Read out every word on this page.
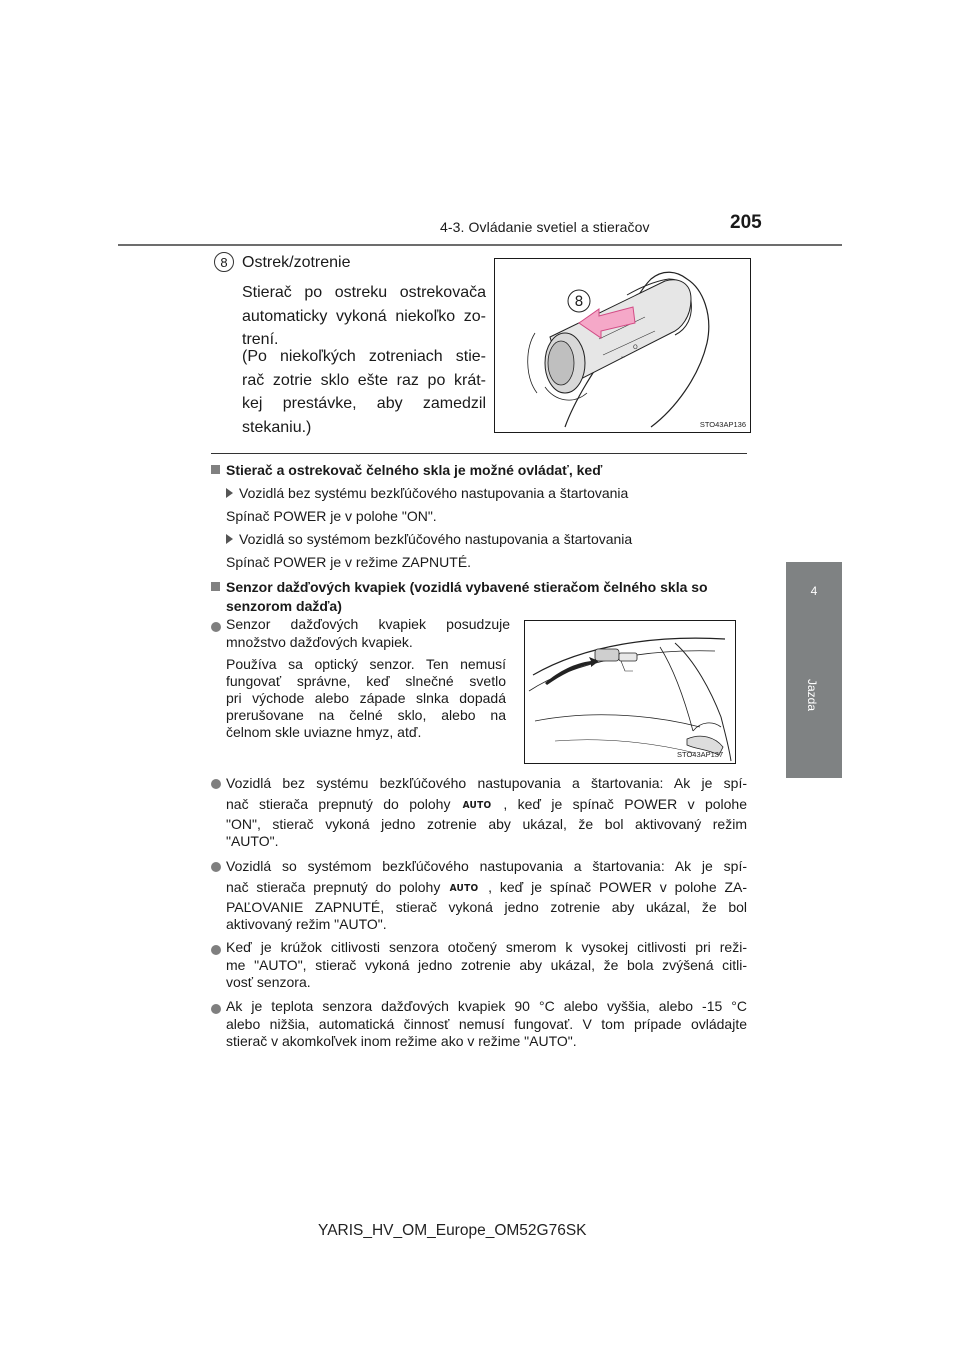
4-3. Ovládanie svetiel a stieračov	205
4
Jazda
8 Ostrek/zotrenie
Stierač po ostreku ostrekovača
automaticky vykoná niekoľko zo-
trení.
(Po niekoľkých zotreniach stie-
rač zotrie sklo ešte raz po krát-
kej prestávke, aby zamedzil
stekaniu.)
O
⌁
8
STO43AP136
Stierač a ostrekovač čelného skla je možné ovládať, keď
Vozidlá bez systému bezkľúčového nastupovania a štartovania
Spínač POWER je v polohe "ON".
Vozidlá so systémom bezkľúčového nastupovania a štartovania
Spínač POWER je v režime ZAPNUTÉ.
Senzor dažďových kvapiek (vozidlá vybavené stieračom čelného skla so
senzorom dažďa)
Senzor dažďových kvapiek posudzuje
množstvo dažďových kvapiek.
Používa sa optický senzor. Ten nemusí
fungovať správne, keď slnečné svetlo
pri východe alebo západe slnka dopadá
prerušovane na čelné sklo, alebo na
čelnom skle uviazne hmyz, atď.
STO43AP137
Vozidlá bez systému bezkľúčového nastupovania a štartovania: Ak je spí-
nač stierača prepnutý do polohy AUTO , keď je spínač POWER v polohe
"ON", stierač vykoná jedno zotrenie aby ukázal, že bol aktivovaný režim
"AUTO".
Vozidlá so systémom bezkľúčového nastupovania a štartovania: Ak je spí-
nač stierača prepnutý do polohy AUTO , keď je spínač POWER v polohe ZA-
PAĽOVANIE ZAPNUTÉ, stierač vykoná jedno zotrenie aby ukázal, že bol
aktivovaný režim "AUTO".
Keď je krúžok citlivosti senzora otočený smerom k vysokej citlivosti pri reži-
me "AUTO", stierač vykoná jedno zotrenie aby ukázal, že bola zvýšená citli-
vosť senzora.
Ak je teplota senzora dažďových kvapiek 90 °C alebo vyššia, alebo -15 °C
alebo nižšia, automatická činnosť nemusí fungovať. V tom prípade ovládajte
stierač v akomkoľvek inom režime ako v režime "AUTO".
YARIS_HV_OM_Europe_OM52G76SK
